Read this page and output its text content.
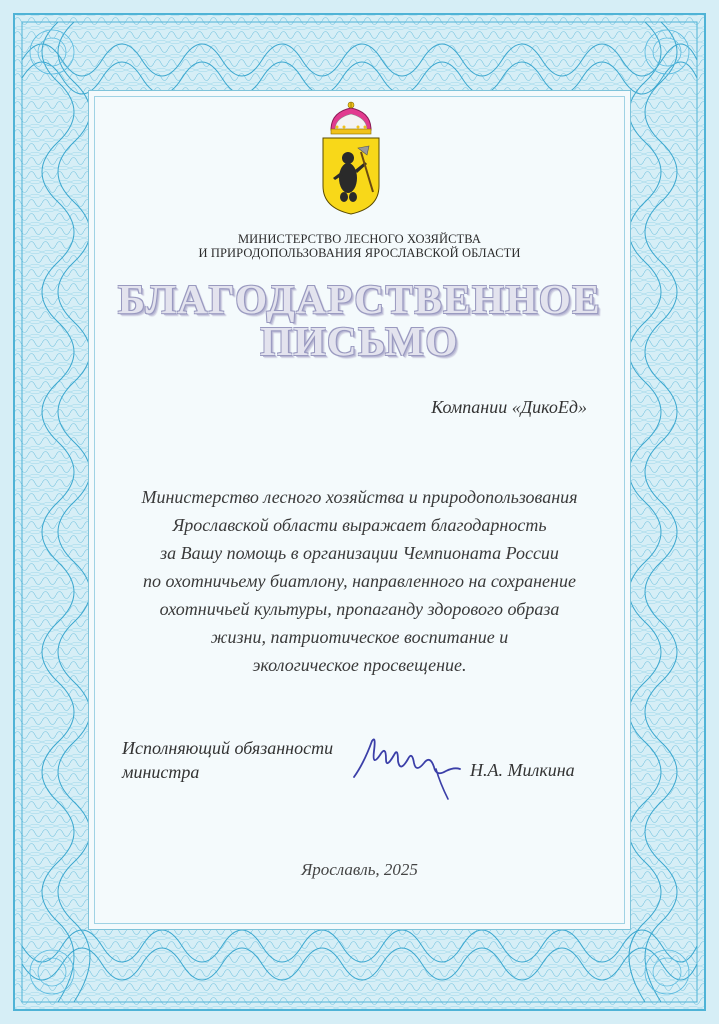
МИНИСТЕРСТВО ЛЕСНОГО ХОЗЯЙСТВА
И ПРИРОДОПОЛЬЗОВАНИЯ ЯРОСЛАВСКОЙ ОБЛАСТИ
БЛАГОДАРСТВЕННОЕ
ПИСЬМО
Компании «ДикоЕд»
Министерство лесного хозяйства и природопользования
Ярославской области выражает благодарность
за Вашу помощь в организации Чемпионата России
по охотничьему биатлону, направленного на сохранение
охотничьей культуры, пропаганду здорового образа
жизни, патриотическое воспитание и
экологическое просвещение.
Исполняющий обязанности
министра	Н.А. Милкина
Ярославль, 2025
